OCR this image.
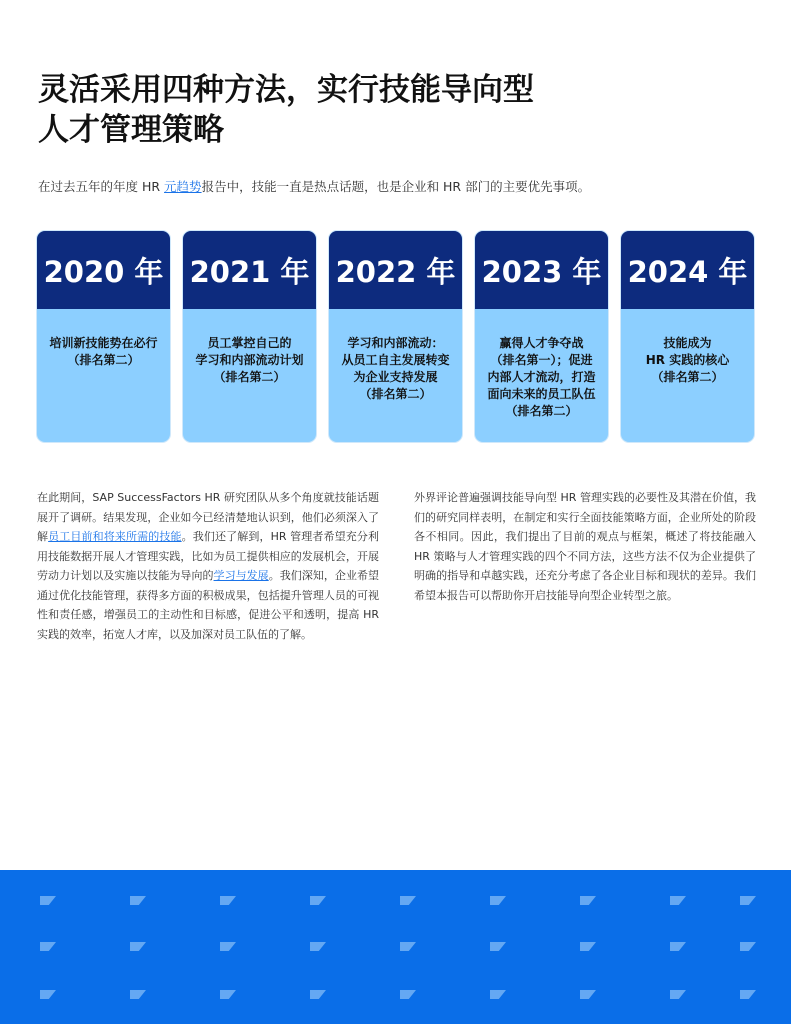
灵活采用四种方法，实行技能导向型
人才管理策略
在过去五年的年度 HR 元趋势报告中，技能一直是热点话题，也是企业和 HR 部门的主要优先事项。
2020 年
培训新技能势在必行
（排名第二）
2021 年
员工掌控自己的
学习和内部流动计划
（排名第二）
2022 年
学习和内部流动：
从员工自主发展转变
为企业支持发展
（排名第二）
2023 年
赢得人才争夺战
（排名第一）；促进
内部人才流动，打造
面向未来的员工队伍
（排名第二）
2024 年
技能成为
HR 实践的核心
（排名第二）
在此期间，SAP SuccessFactors HR 研究团队从多个角度就技能话题展开了调研。结果发现，企业如今已经清楚地认识到，他们必须深入了解员工目前和将来所需的技能。我们还了解到，HR 管理者希望充分利用技能数据开展人才管理实践，比如为员工提供相应的发展机会，开展劳动力计划以及实施以技能为导向的学习与发展。我们深知，企业希望通过优化技能管理，获得多方面的积极成果，包括提升管理人员的可视性和责任感，增强员工的主动性和目标感，促进公平和透明，提高 HR 实践的效率，拓宽人才库，以及加深对员工队伍的了解。
外界评论普遍强调技能导向型 HR 管理实践的必要性及其潜在价值，我们的研究同样表明，在制定和实行全面技能策略方面，企业所处的阶段各不相同。因此，我们提出了目前的观点与框架，概述了将技能融入 HR 策略与人才管理实践的四个不同方法，这些方法不仅为企业提供了明确的指导和卓越实践，还充分考虑了各企业目标和现状的差异。我们希望本报告可以帮助你开启技能导向型企业转型之旅。
